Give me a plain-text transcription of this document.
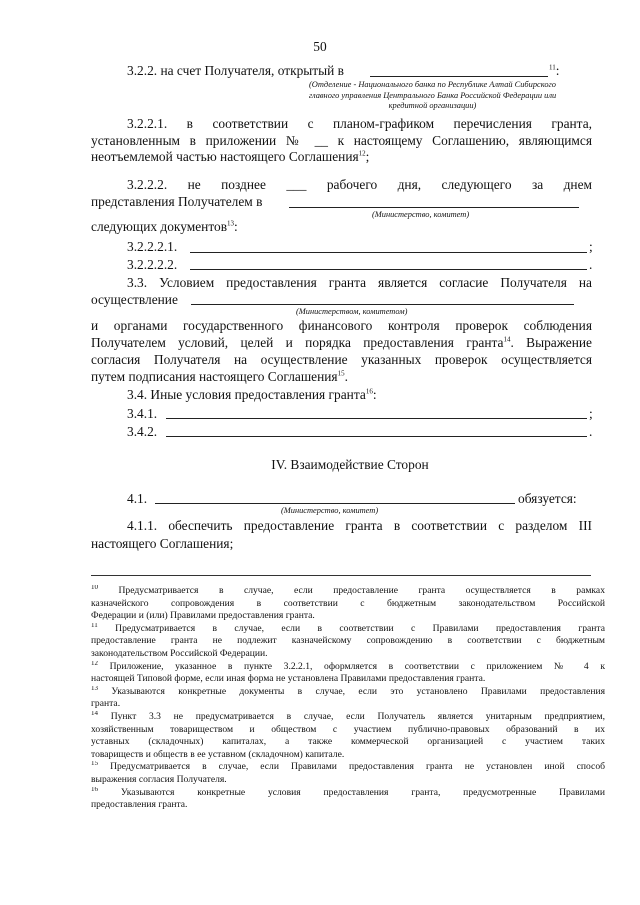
50
3.2.2. на счет Получателя, открытый в	$^{11}$:
(Отделение - Национального банка по Республике Алтай Сибирского
главного управления Центрального Банка Российской Федерации или
кредитной организации)
3.2.2.1. в соответствии с планом-графиком перечисления гранта,
установленным в приложении № __ к настоящему Соглашению, являющимся
неотъемлемой частью настоящего Соглашения$^{12}$;
3.2.2.2. не позднее ___ рабочего дня, следующего за днем
представления Получателем в
(Министерство, комитет)
следующих документов$^{13}$:
3.2.2.2.1.	;
3.2.2.2.2.	.
3.3. Условием предоставления гранта является согласие Получателя на
осуществление
(Министерством, комитетом)
и органами государственного финансового контроля проверок соблюдения
Получателем условий, целей и порядка предоставления гранта$^{14}$. Выражение
согласия Получателя на осуществление указанных проверок осуществляется
путем подписания настоящего Соглашения$^{15}$.
3.4. Иные условия предоставления гранта$^{16}$:
3.4.1.	;
3.4.2.	.
IV. Взаимодействие Сторон
4.1.	обязуется:
(Министерство, комитет)
4.1.1. обеспечить предоставление гранта в соответствии с разделом III
настоящего Соглашения;
$^{10}$ Предусматривается в случае, если предоставление гранта осуществляется в рамках
казначейского сопровождения в соответствии с бюджетным законодательством Российской
Федерации и (или) Правилами предоставления гранта.
$^{11}$ Предусматривается в случае, если в соответствии с Правилами предоставления гранта
предоставление гранта не подлежит казначейскому сопровождению в соответствии с бюджетным
законодательством Российской Федерации.
$^{12}$ Приложение, указанное в пункте 3.2.2.1, оформляется в соответствии с приложением № 4 к
настоящей Типовой форме, если иная форма не установлена Правилами предоставления гранта.
$^{13}$ Указываются конкретные документы в случае, если это установлено Правилами предоставления
гранта.
$^{14}$ Пункт 3.3 не предусматривается в случае, если Получатель является унитарным предприятием,
хозяйственным товариществом и обществом с участием публично-правовых образований в их
уставных (складочных) капиталах, а также коммерческой организацией с участием таких
товариществ и обществ в ее уставном (складочном) капитале.
$^{15}$ Предусматривается в случае, если Правилами предоставления гранта не установлен иной способ
выражения согласия Получателя.
$^{16}$ Указываются конкретные условия предоставления гранта, предусмотренные Правилами
предоставления гранта.
